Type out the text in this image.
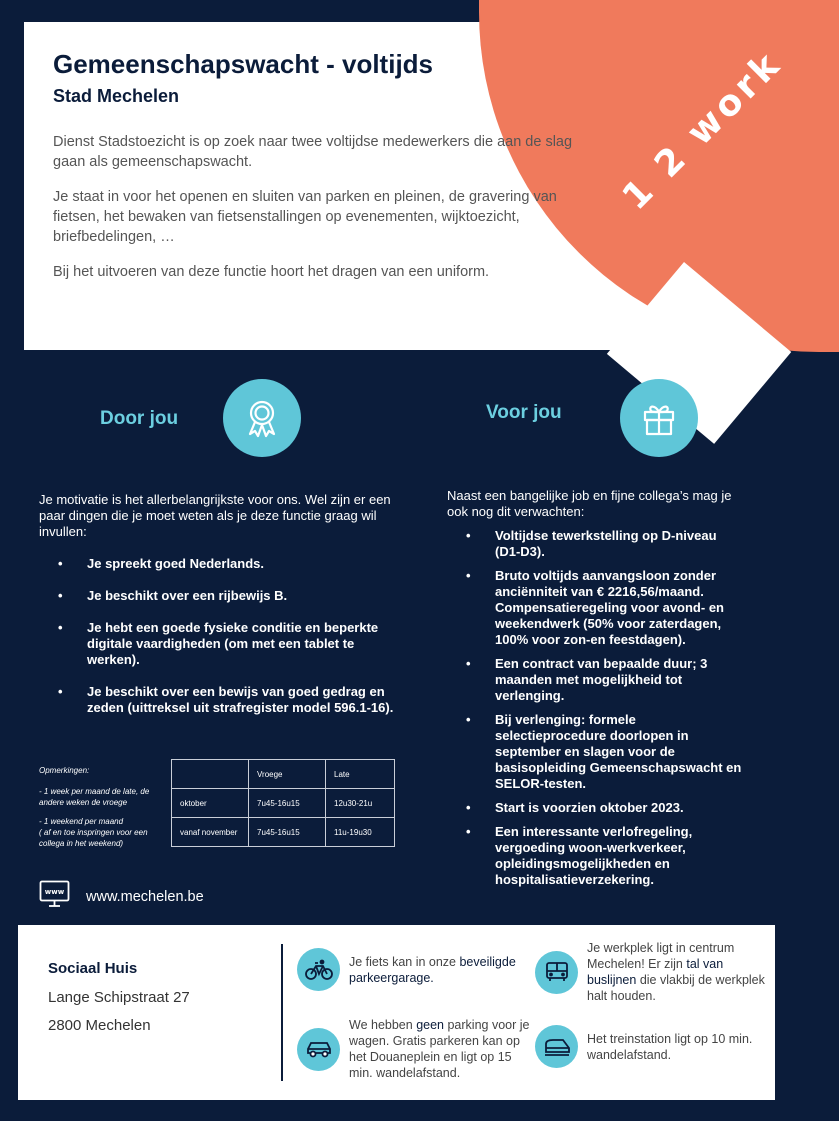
1 2 work
Gemeenschapswacht - voltijds
Stad Mechelen

Dienst Stadstoezicht is op zoek naar twee voltijdse medewerkers die aan de slag gaan als gemeenschapswacht.

Je staat in voor het openen en sluiten van parken en pleinen, de gravering van fietsen, het bewaken van fietsenstallingen op evenementen, wijktoezicht, briefbedelingen, …

Bij het uitvoeren van deze functie hoort het dragen van een uniform.

Door jou
Je motivatie is het allerbelangrijkste voor ons. Wel zijn er een paar dingen die je moet weten als je deze functie graag wil invullen:
• Je spreekt goed Nederlands.
• Je beschikt over een rijbewijs B.
• Je hebt een goede fysieke conditie en beperkte digitale vaardigheden (om met een tablet te werken).
• Je beschikt over een bewijs van goed gedrag en zeden (uittreksel uit strafregister model 596.1-16).
Voor jou
Naast een bangelijke job en fijne collega’s mag je ook nog dit verwachten:
• Voltijdse tewerkstelling op D-niveau (D1-D3).
• Bruto voltijds aanvangsloon zonder anciënniteit van € 2216,56/maand. Compensatieregeling voor avond- en weekendwerk (50% voor zaterdagen, 100% voor zon-en feestdagen).
• Een contract van bepaalde duur; 3 maanden met mogelijkheid tot verlenging.
• Bij verlenging: formele selectieprocedure doorlopen in september en slagen voor de basisopleiding Gemeenschapswacht en SELOR-testen.
• Start is voorzien oktober 2023.
• Een interessante verlofregeling, vergoeding woon-werkverkeer, opleidingsmogelijkheden en hospitalisatieverzekering.
Opmerkingen:
- 1 week per maand de late, de andere weken de vroege
- 1 weekend per maand
( af en toe inspringen voor een collega in het weekend)
	Vroege	Late
oktober	7u45-16u15	12u30-21u
vanaf november	7u45-16u15	11u-19u30
www www.mechelen.be
Sociaal Huis
Lange Schipstraat 27
2800 Mechelen
Je fiets kan in onze beveiligde parkeergarage.
Je werkplek ligt in centrum Mechelen! Er zijn tal van buslijnen die vlakbij de werkplek halt houden.
We hebben geen parking voor je wagen. Gratis parkeren kan op het Douaneplein en ligt op 15 min. wandelafstand.
Het treinstation ligt op 10 min. wandelafstand.
